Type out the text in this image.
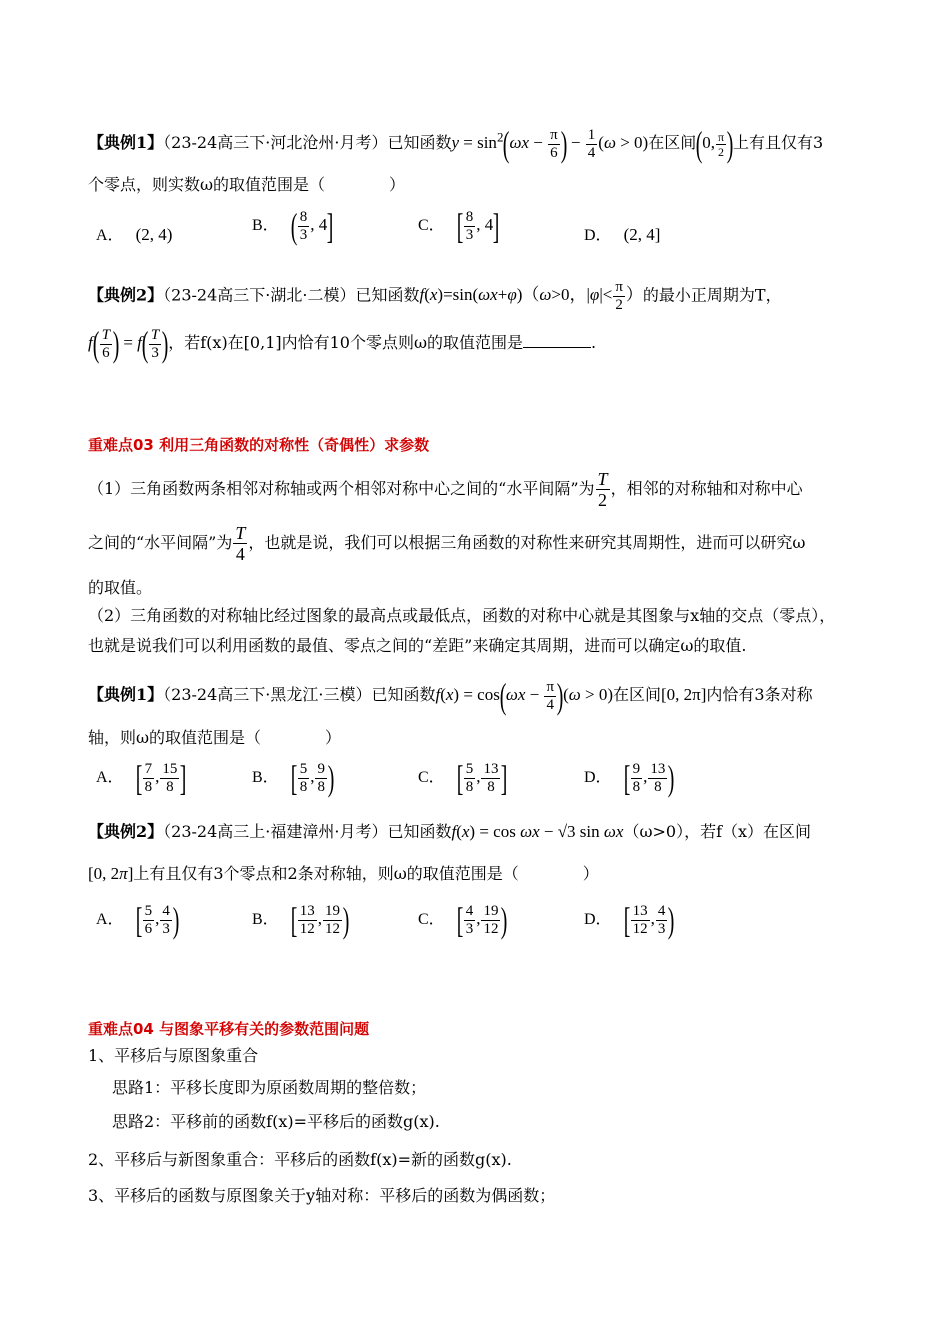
【典例1】（23-24高三下·河北沧州·月考）已知函数$y = \sin^2(\omega x - \frac{\pi}{6}$ ) − $\frac{1}{4} (\omega > 0)$在区间(0, $\frac{\pi}{2}$ )上有且仅有3
个零点，则实数ω的取值范围是（　　　　）
A． (2, 4)	B． ( $\frac{8}{3}$ , 4]	C． [ $\frac{8}{3}$ , 4]	D． (2, 4]
【典例2】（23-24高三下·湖北·二模）已知函数f(x)=sin(ωx+φ)（ω>0，$|\varphi|< \frac{\pi}{2}$ ）的最小正周期为T，
$f( \frac{T}{6}$ ) = $f( \frac{T}{3}$ )，若f(x)在[0,1]内恰有10个零点则ω的取值范围是	.
重难点03 利用三角函数的对称性（奇偶性）求参数
（1）三角函数两条相邻对称轴或两个相邻对称中心之间的“水平间隔”为 $\frac{T}{2}$ ，相邻的对称轴和对称中心
之间的“水平间隔”为 $\frac{T}{4}$ ，也就是说，我们可以根据三角函数的对称性来研究其周期性，进而可以研究ω
的取值。
（2）三角函数的对称轴比经过图象的最高点或最低点，函数的对称中心就是其图象与x轴的交点（零点），
也就是说我们可以利用函数的最值、零点之间的“差距”来确定其周期，进而可以确定ω的取值.
【典例1】（23-24高三下·黑龙江·三模）已知函数$f(x) = \cos(\omega x - \frac{\pi}{4} )(\omega > 0)$在区间[0, 2π]内恰有3条对称
轴，则ω的取值范围是（　　　　）
A． [ $\frac{7}{8}$ , $\frac{15}{8}$ ]	B． [ $\frac{5}{8}$ , $\frac{9}{8}$ )	C． [ $\frac{5}{8}$ , $\frac{13}{8}$ ]	D． [ $\frac{9}{8}$ , $\frac{13}{8}$ )
【典例2】（23-24高三上·福建漳州·月考）已知函数f(x) = cos ωx − √3 sin ωx（ω>0），若f（x）在区间
[0, 2π]上有且仅有3个零点和2条对称轴，则ω的取值范围是（　　　　）
A． [ $\frac{5}{6}$ , $\frac{4}{3}$ )	B． [ $\frac{13}{12}$ , $\frac{19}{12}$ )	C． [ $\frac{4}{3}$ , $\frac{19}{12}$ )	D． [ $\frac{13}{12}$ , $\frac{4}{3}$ )
重难点04 与图象平移有关的参数范围问题
1、平移后与原图象重合
思路1：平移长度即为原函数周期的整倍数；
思路2：平移前的函数f(x)=平移后的函数g(x).
2、平移后与新图象重合：平移后的函数f(x)=新的函数g(x).
3、平移后的函数与原图象关于y轴对称：平移后的函数为偶函数；
